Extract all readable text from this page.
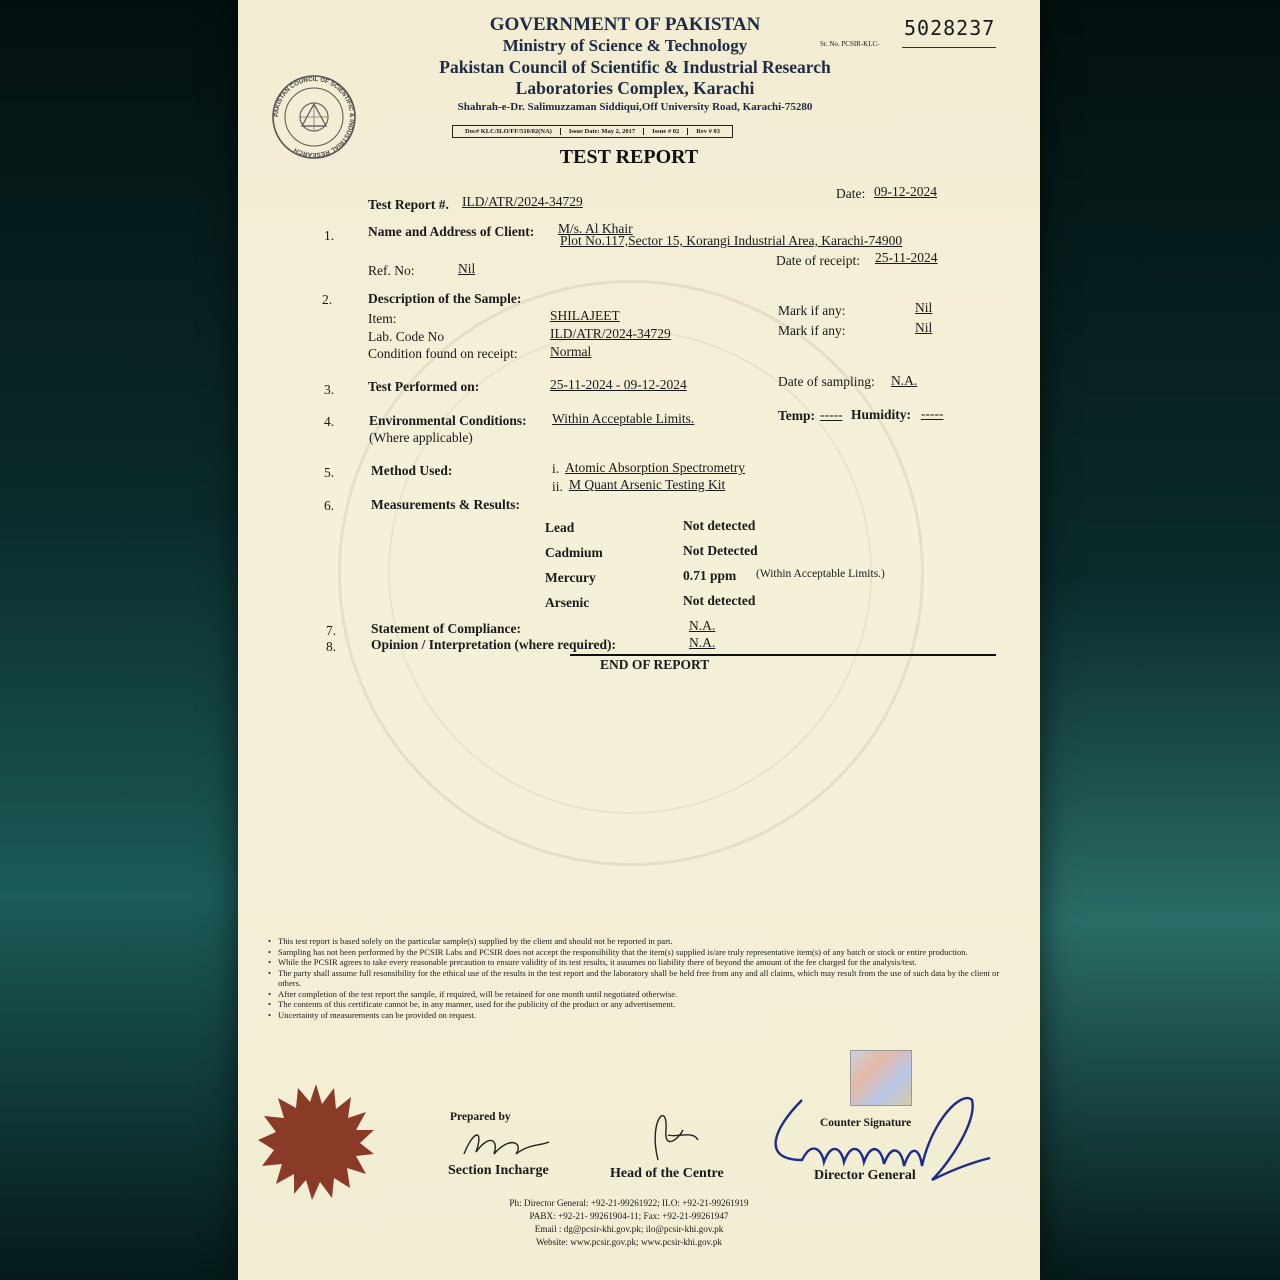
PAKISTAN COUNCIL OF SCIENTIFIC & INDUSTRIAL RESEARCH
GOVERNMENT OF PAKISTAN
Ministry of Science & Technology
Pakistan Council of Scientific & Industrial Research
Laboratories Complex, Karachi
Shahrah-e-Dr. Salimuzzaman Siddiqui,Off University Road, Karachi-75280
5028237
Sr. No. PCSIR-KLC-
Doc# KLC/ILO/FF/510/02(NA)	Issue Date: May 2, 2017	Issue # 02	Rev # 03
TEST REPORT
Test Report #. ILD/ATR/2024-34729
Date: 09-12-2024
1.	Name and Address of Client: M/s. Al Khair
Plot No.117,Sector 15, Korangi Industrial Area, Karachi-74900
Date of receipt: 25-11-2024
Ref. No:	Nil
2.	Description of the Sample:
Item:	SHILAJEET
Lab. Code No	ILD/ATR/2024-34729
Condition found on receipt: Normal
Mark if any:	Nil
Mark if any:	Nil
3.	Test Performed on:	25-11-2024 - 09-12-2024	Date of sampling: N.A.
4.	Environmental Conditions:
(Where applicable)
Within Acceptable Limits.	Temp: ----- Humidity: -----
5.	Method Used:	i. Atomic Absorption Spectrometry
ii. M Quant Arsenic Testing Kit
6.	Measurements & Results:
Lead	Not detected
Cadmium	Not Detected
Mercury	0.71 ppm (Within Acceptable Limits.)
Arsenic	Not detected
7.	Statement of Compliance:	N.A.
8.	Opinion / Interpretation (where required):	N.A.
END OF REPORT
• This test report is based solely on the particular sample(s) supplied by the client and should not be reported in part.
• Sampling has not been performed by the PCSIR Labs and PCSIR does not accept the responsibility that the item(s) supplied is/are truly representative item(s) of any batch or stock or entire production.
• While the PCSIR agrees to take every reasonable precaution to ensure validity of its test results, it assumes no liability there of beyond the amount of the fee charged for the analysis/test.
• The party shall assume full resonsibility for the ethical use of the results in the test report and the laboratory shall be held free from any and all claims, which may result from the use of such data by the client or others.
• After completion of the test report the sample, if required, will be retained for one month until negotiated otherwise.
• The contents of this certificate cannot be, in any manner, used for the publicity of the product or any advertisement.
• Uncertainty of measurements can be provided on request.
Prepared by
Section Incharge	Head of the Centre
Counter Signature
Director General
Ph: Director General: +92-21-99261922; ILO: +92-21-99261919
PABX: +92-21- 99261904-11; Fax: +92-21-99261947
Email : dg@pcsir-khi.gov.pk; ilo@pcsir-khi.gov.pk
Website: www.pcsir.gov.pk; www.pcsir-khi.gov.pk
